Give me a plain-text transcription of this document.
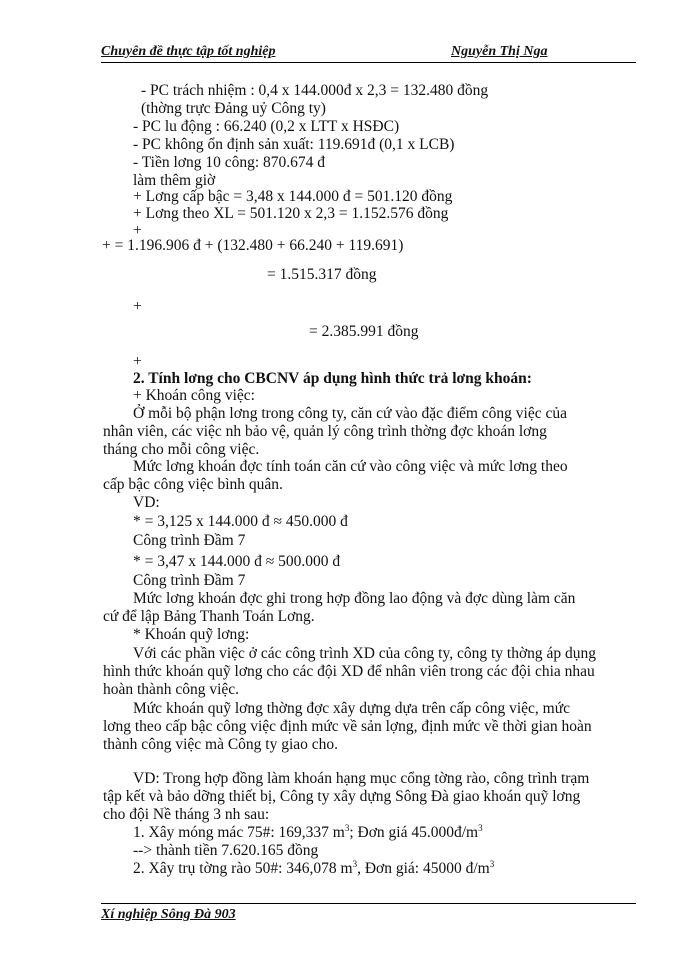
Chuyên đề thực tập tốt nghiệp	Nguyễn Thị Nga
- PC trách nhiệm : 0,4 x 144.000đ x 2,3 = 132.480 đồng
(thờng trực Đảng uỷ Công ty)
- PC lu động : 66.240 (0,2 x LTT x HSĐC)
- PC không ổn định sản xuất: 119.691đ (0,1 x LCB)
- Tiền lơng 10 công: 870.674 đ
làm thêm giờ
+ Lơng cấp bậc = 3,48 x 144.000 đ = 501.120 đồng
+ Lơng theo XL = 501.120 x 2,3 = 1.152.576 đồng
+
+ = 1.196.906 đ + (132.480 + 66.240 + 119.691)
= 1.515.317 đồng
+
= 2.385.991 đồng
+
2. Tính lơng cho CBCNV áp dụng hình thức trả lơng khoán:
+ Khoán công việc:
Ở mỗi bộ phận lơng trong công ty, căn cứ vào đặc điểm công việc của
nhân viên, các việc nh bảo vệ, quản lý công trình thờng đợc khoán lơng
tháng cho mỗi công việc.
Mức lơng khoán đợc tính toán căn cứ vào công việc và mức lơng theo
cấp bậc công việc bình quân.
VD:
* = 3,125 x 144.000 đ ≈ 450.000 đ
Công trình Đầm 7
* = 3,47 x 144.000 đ ≈ 500.000 đ
Công trình Đầm 7
Mức lơng khoán đợc ghi trong hợp đồng lao động và đợc dùng làm căn
cứ để lập Bảng Thanh Toán Lơng.
* Khoán quỹ lơng:
Với các phần việc ở các công trình XD của công ty, công ty thờng áp dụng
hình thức khoán quỹ lơng cho các đội XD để nhân viên trong các đội chia nhau
hoàn thành công việc.
Mức khoán quỹ lơng thờng đợc xây dựng dựa trên cấp công việc, mức
lơng theo cấp bậc công việc định mức về sản lợng, định mức về thời gian hoàn
thành công việc mà Công ty giao cho.
VD: Trong hợp đồng làm khoán hạng mục cổng tờng rào, công trình trạm
tập kết và bảo dỡng thiết bị, Công ty xây dựng Sông Đà giao khoán quỹ lơng
cho đội Nề tháng 3 nh sau:
1. Xây móng mác 75#: 169,337 $m^3$; Đơn giá $45.000đ/m^3$
--> thành tiền 7.620.165 đồng
2. Xây trụ tờng rào 50#: 346,078 $m^3$, Đơn giá: 45000 $đ/m^3$
Xí nghiệp Sông Đà 903
